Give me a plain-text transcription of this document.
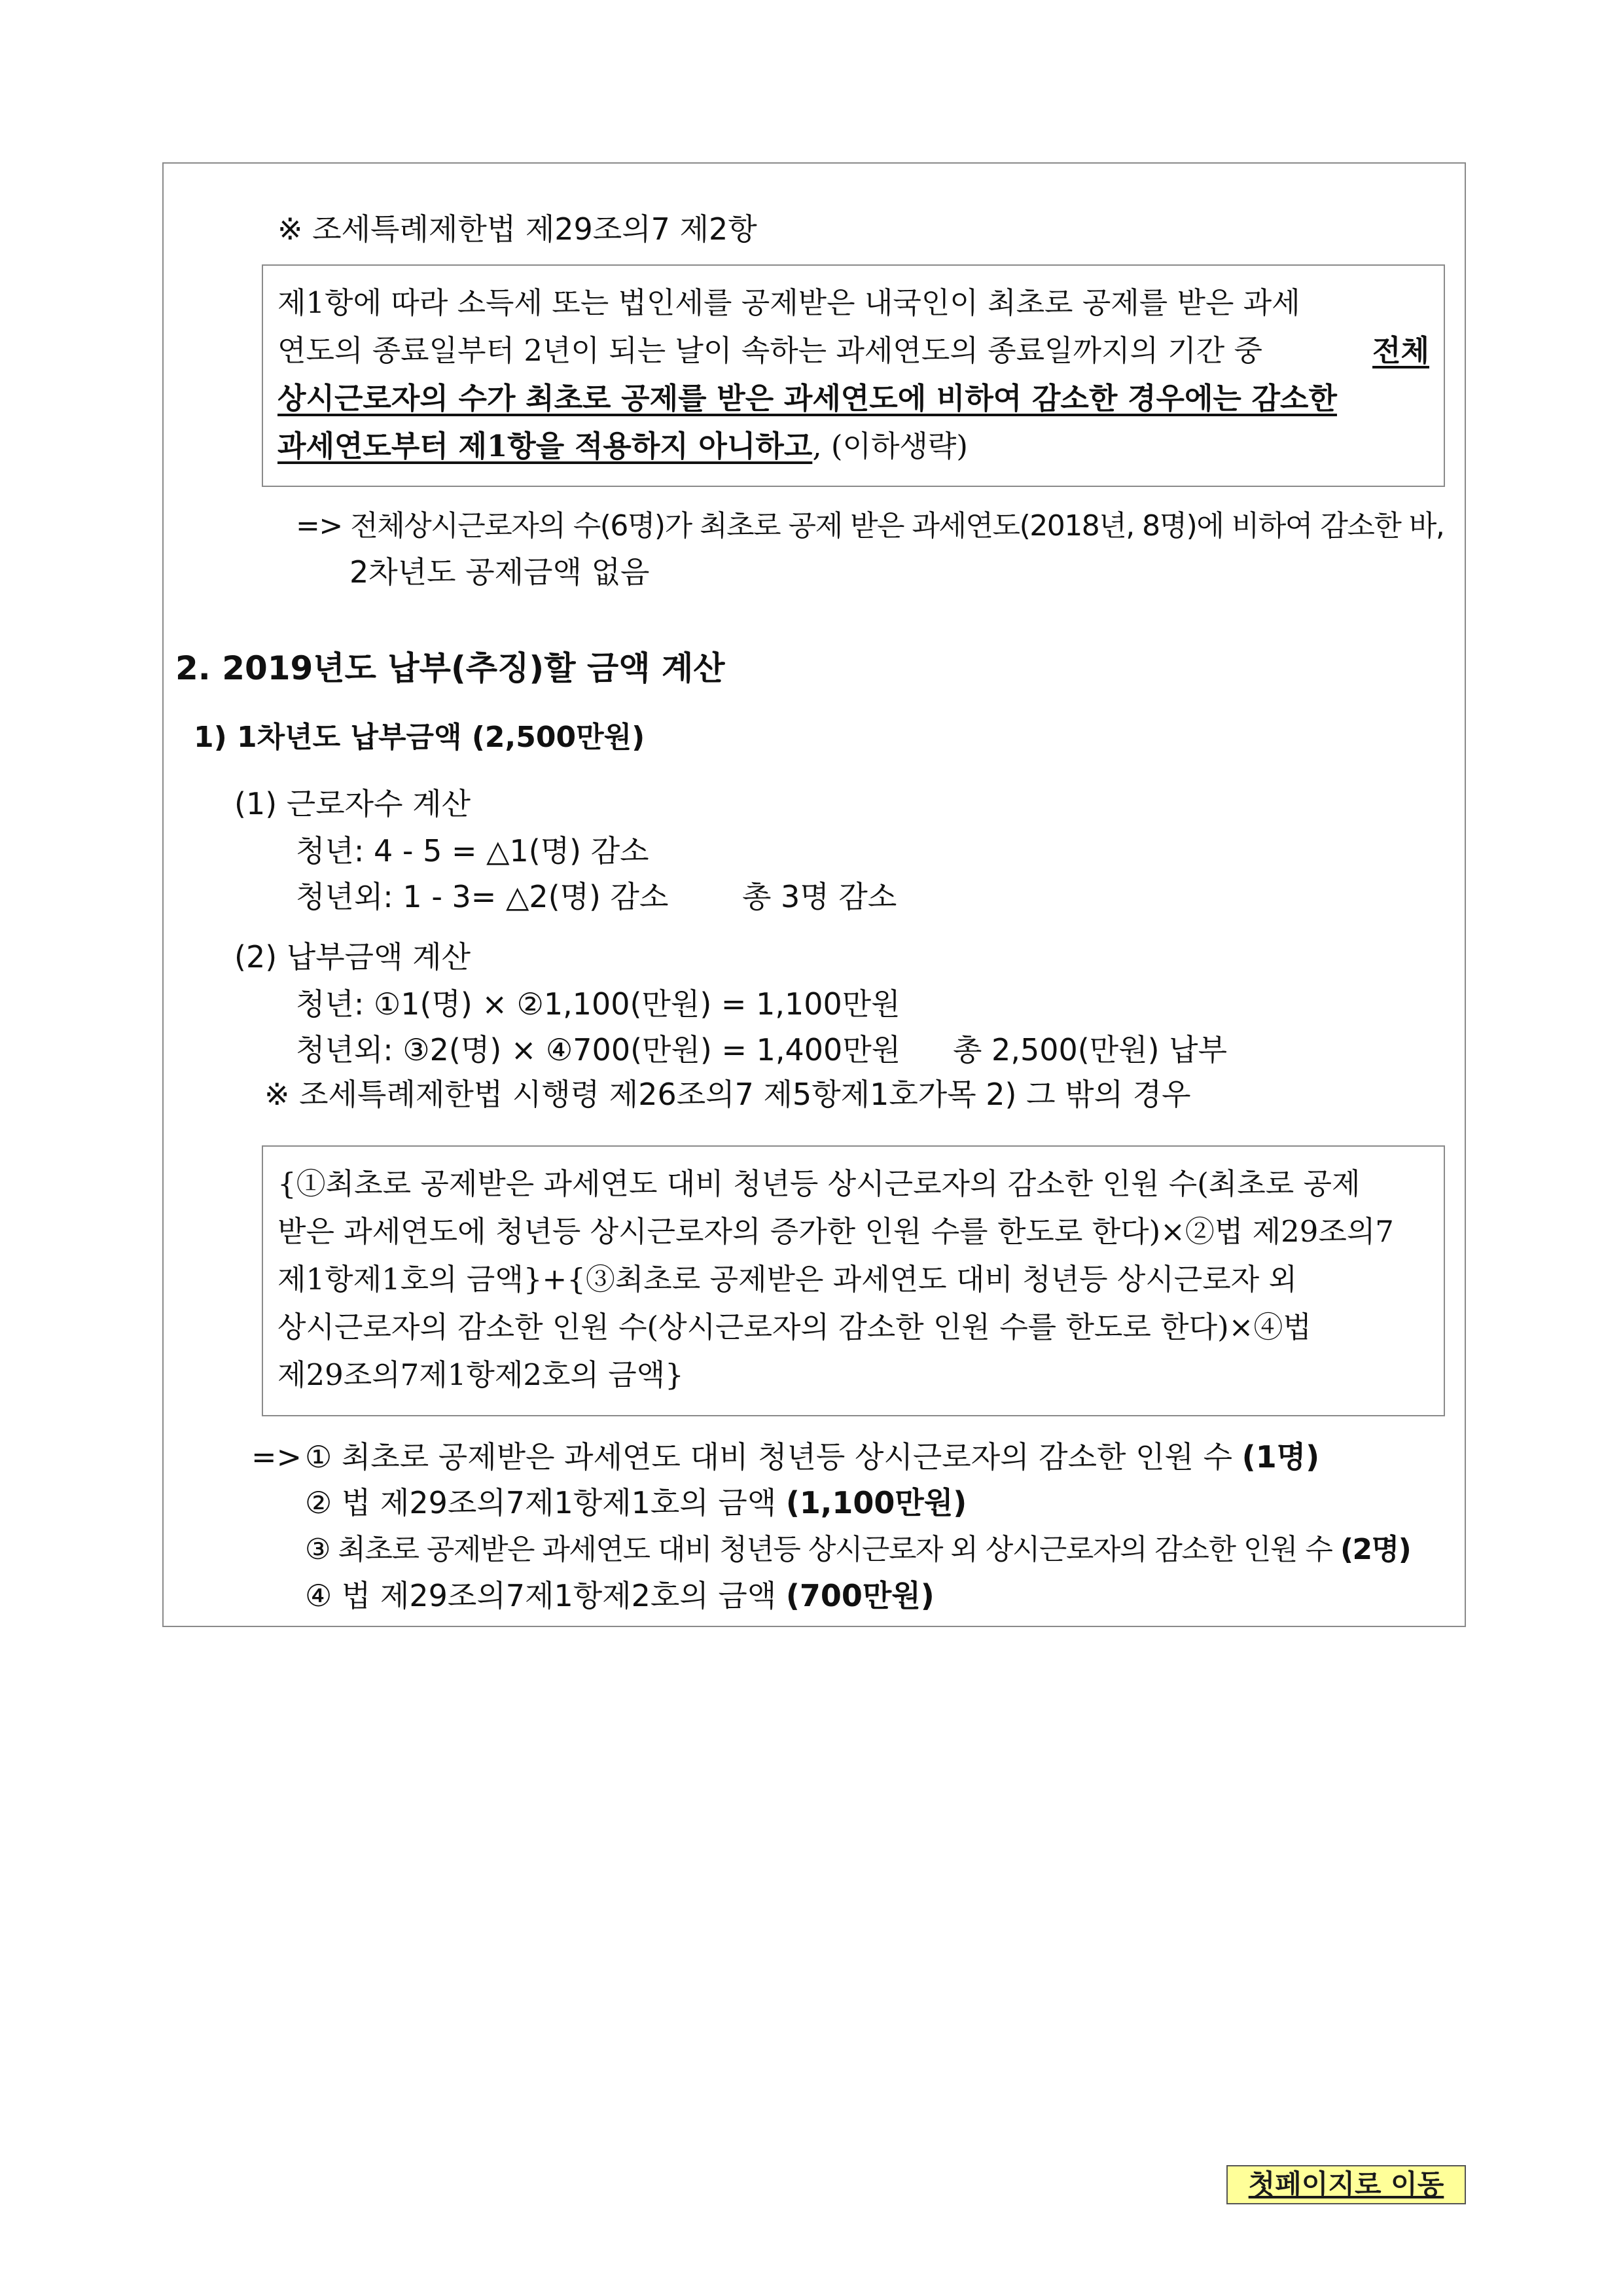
※ 조세특례제한법 제29조의7 제2항
제1항에 따라 소득세 또는 법인세를 공제받은 내국인이 최초로 공제를 받은 과세
연도의 종료일부터 2년이 되는 날이 속하는 과세연도의 종료일까지의 기간 중	전체
상시근로자의 수가 최초로 공제를 받은 과세연도에 비하여 감소한 경우에는 감소한
과세연도부터 제1항을 적용하지 아니하고 , (이하생략)
=> 전체상시근로자의 수(6명)가 최초로 공제 받은 과세연도(2018년, 8명)에 비하여 감소한 바,
2차년도 공제금액 없음
2. 2019년도 납부(추징)할 금액 계산
1) 1차년도 납부금액 (2,500만원)
(1) 근로자수 계산
청년: 4 - 5 = △1(명) 감소
청년외: 1 - 3= △2(명) 감소 총 3명 감소
(2) 납부금액 계산
청년: ①1(명) × ②1,100(만원) = 1,100만원
청년외: ③2(명) × ④700(만원) = 1,400만원 총 2,500(만원) 납부
※ 조세특례제한법 시행령 제26조의7 제5항제1호가목 2) 그 밖의 경우
{①최초로 공제받은 과세연도 대비 청년등 상시근로자의 감소한 인원 수(최초로 공제
받은 과세연도에 청년등 상시근로자의 증가한 인원 수를 한도로 한다)×②법 제29조의7
제1항제1호의 금액}+{③최초로 공제받은 과세연도 대비 청년등 상시근로자 외
상시근로자의 감소한 인원 수(상시근로자의 감소한 인원 수를 한도로 한다)×④법
제29조의7제1항제2호의 금액}
=> ① 최초로 공제받은 과세연도 대비 청년등 상시근로자의 감소한 인원 수 (1명)
② 법 제29조의7제1항제1호의 금액 (1,100만원)
③ 최초로 공제받은 과세연도 대비 청년등 상시근로자 외 상시근로자의 감소한 인원 수 (2명)
④ 법 제29조의7제1항제2호의 금액 (700만원)
첫페이지로 이동
